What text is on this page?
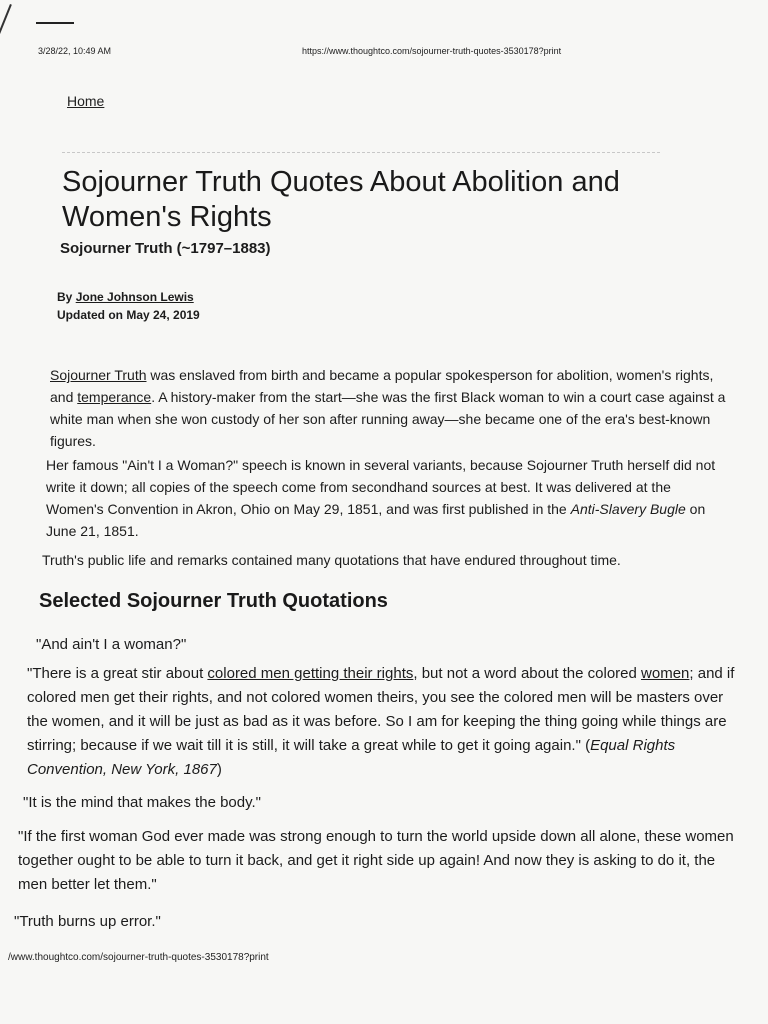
3/28/22, 10:49 AM	https://www.thoughtco.com/sojourner-truth-quotes-3530178?print
Home
Sojourner Truth Quotes About Abolition and Women's Rights
Sojourner Truth (~1797–1883)
By Jone Johnson Lewis
Updated on May 24, 2019

Sojourner Truth was enslaved from birth and became a popular spokesperson for abolition, women's rights, and temperance. A history-maker from the start—she was the first Black woman to win a court case against a white man when she won custody of her son after running away—she became one of the era's best-known figures.

Her famous "Ain't I a Woman?" speech is known in several variants, because Sojourner Truth herself did not write it down; all copies of the speech come from secondhand sources at best. It was delivered at the Women's Convention in Akron, Ohio on May 29, 1851, and was first published in the Anti-Slavery Bugle on June 21, 1851.

Truth's public life and remarks contained many quotations that have endured throughout time.

Selected Sojourner Truth Quotations

"And ain't I a woman?"

"There is a great stir about colored men getting their rights, but not a word about the colored women; and if colored men get their rights, and not colored women theirs, you see the colored men will be masters over the women, and it will be just as bad as it was before. So I am for keeping the thing going while things are stirring; because if we wait till it is still, it will take a great while to get it going again." (Equal Rights Convention, New York, 1867)

"It is the mind that makes the body."

"If the first woman God ever made was strong enough to turn the world upside down all alone, these women together ought to be able to turn it back, and get it right side up again! And now they is asking to do it, the men better let them."

"Truth burns up error."

/www.thoughtco.com/sojourner-truth-quotes-3530178?print
